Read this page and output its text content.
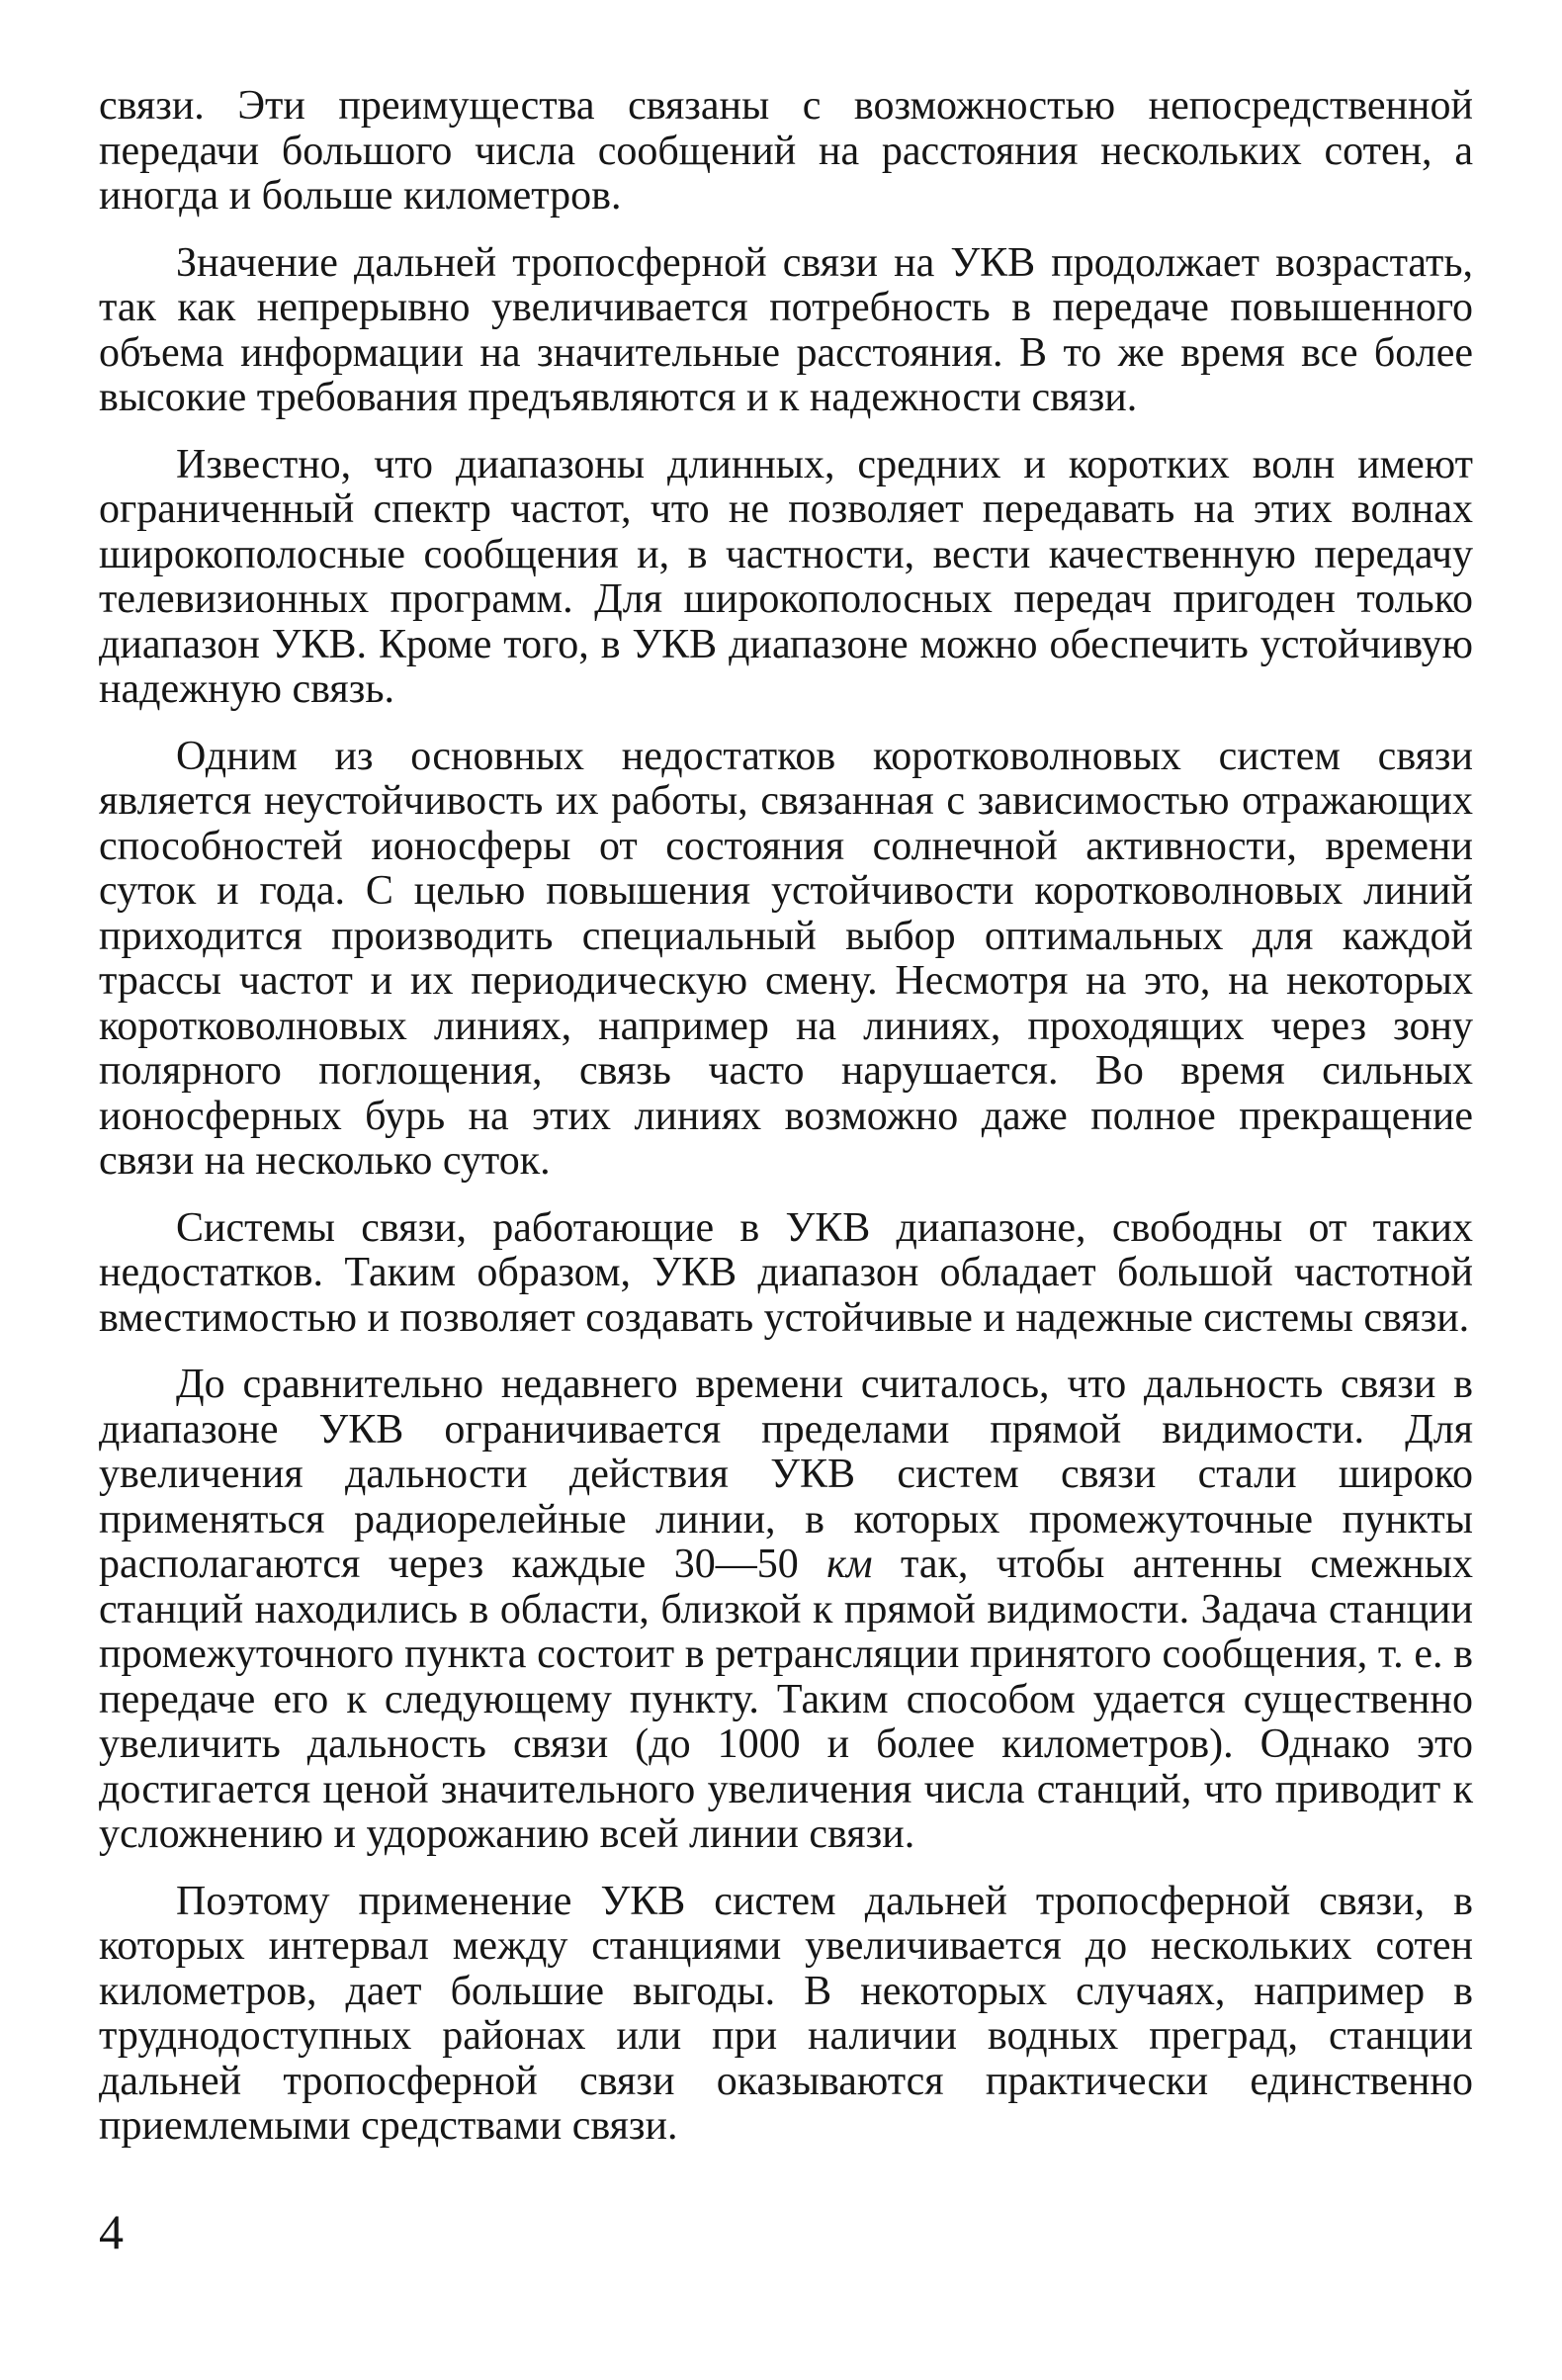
связи. Эти преимущества связаны с возможностью непосредственной передачи большого числа сообщений на расстояния нескольких сотен, а иногда и больше километров.

Значение дальней тропосферной связи на УКВ продолжает возрастать, так как непрерывно увеличивается потребность в передаче повышенного объема информации на значительные расстояния. В то же время все более высокие требования предъявляются и к надежности связи.

Известно, что диапазоны длинных, средних и коротких волн имеют ограниченный спектр частот, что не позволяет передавать на этих волнах широкополосные сообщения и, в частности, вести качественную передачу телевизионных программ. Для широкополосных передач пригоден только диапазон УКВ. Кроме того, в УКВ диапазоне можно обеспечить устойчивую надежную связь.

Одним из основных недостатков коротковолновых систем связи является неустойчивость их работы, связанная с зависимостью отражающих способностей ионосферы от состояния солнечной активности, времени суток и года. С целью повышения устойчивости коротковолновых линий приходится производить специальный выбор оптимальных для каждой трассы частот и их периодическую смену. Несмотря на это, на некоторых коротковолновых линиях, например на линиях, проходящих через зону полярного поглощения, связь часто нарушается. Во время сильных ионосферных бурь на этих линиях возможно даже полное прекращение связи на несколько суток.

Системы связи, работающие в УКВ диапазоне, свободны от таких недостатков. Таким образом, УКВ диапазон обладает большой частотной вместимостью и позволяет создавать устойчивые и надежные системы связи.

До сравнительно недавнего времени считалось, что дальность связи в диапазоне УКВ ограничивается пределами прямой видимости. Для увеличения дальности действия УКВ систем связи стали широко применяться радиорелейные линии, в которых промежуточные пункты располагаются через каждые 30—50 км так, чтобы антенны смежных станций находились в области, близкой к прямой видимости. Задача станции промежуточного пункта состоит в ретрансляции принятого сообщения, т. е. в передаче его к следующему пункту. Таким способом удается существенно увеличить дальность связи (до 1000 и более километров). Однако это достигается ценой значительного увеличения числа станций, что приводит к усложнению и удорожанию всей линии связи.

Поэтому применение УКВ систем дальней тропосферной связи, в которых интервал между станциями увеличивается до нескольких сотен километров, дает большие выгоды. В некоторых случаях, например в труднодоступных районах или при наличии водных преград, станции дальней тропосферной связи оказываются практически единственно приемлемыми средствами связи.

4
